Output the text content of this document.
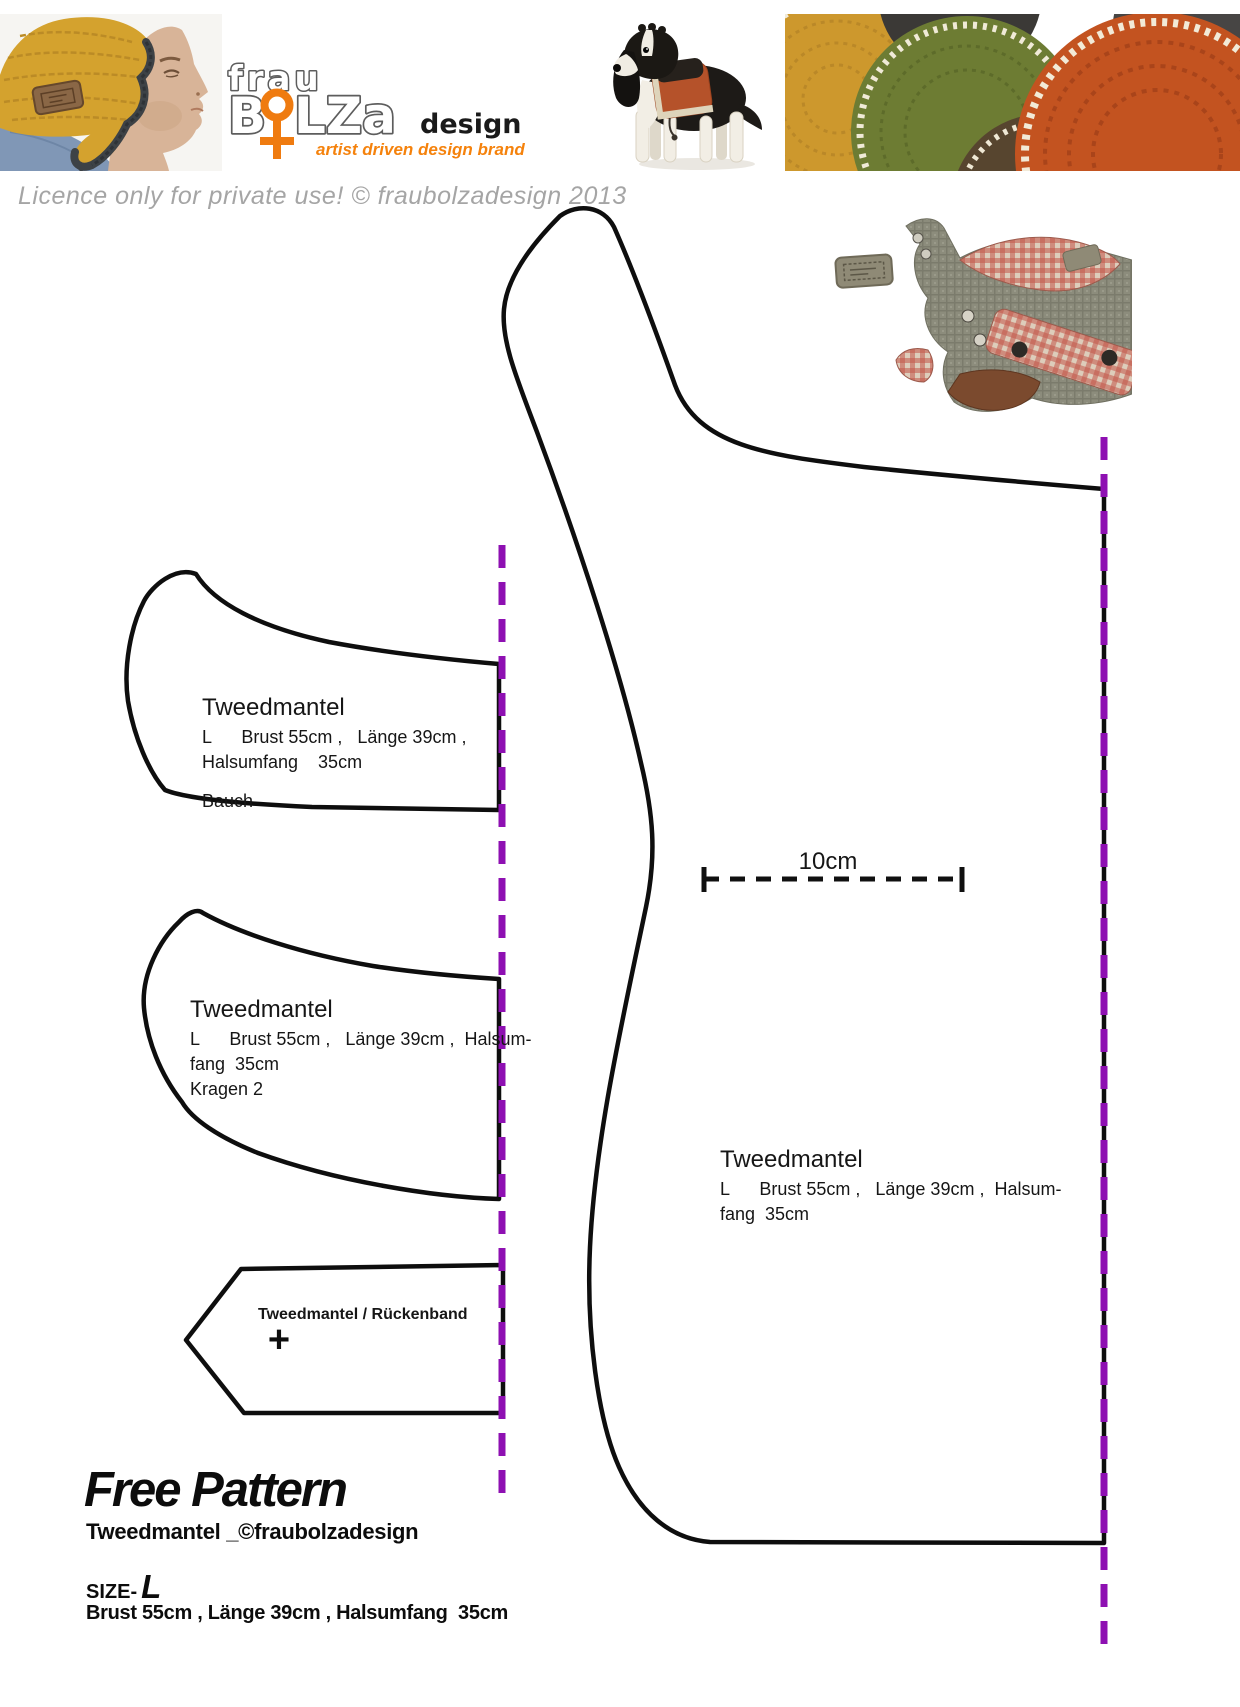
frau
B LZa design
artist driven design brand
Licence only for private use! © fraubolzadesign 2013
+
10cm
Tweedmantel
L      Brust 55cm ,   Länge 39cm ,
Halsumfang    35cm
Bauch
Tweedmantel
L      Brust 55cm ,   Länge 39cm ,  Halsum-
fang  35cm
Kragen 2
Tweedmantel
L      Brust 55cm ,   Länge 39cm ,  Halsum-
fang  35cm
Tweedmantel / Rückenband
Free Pattern
Tweedmantel _©fraubolzadesign
SIZE- L
Brust 55cm , Länge 39cm , Halsumfang  35cm
